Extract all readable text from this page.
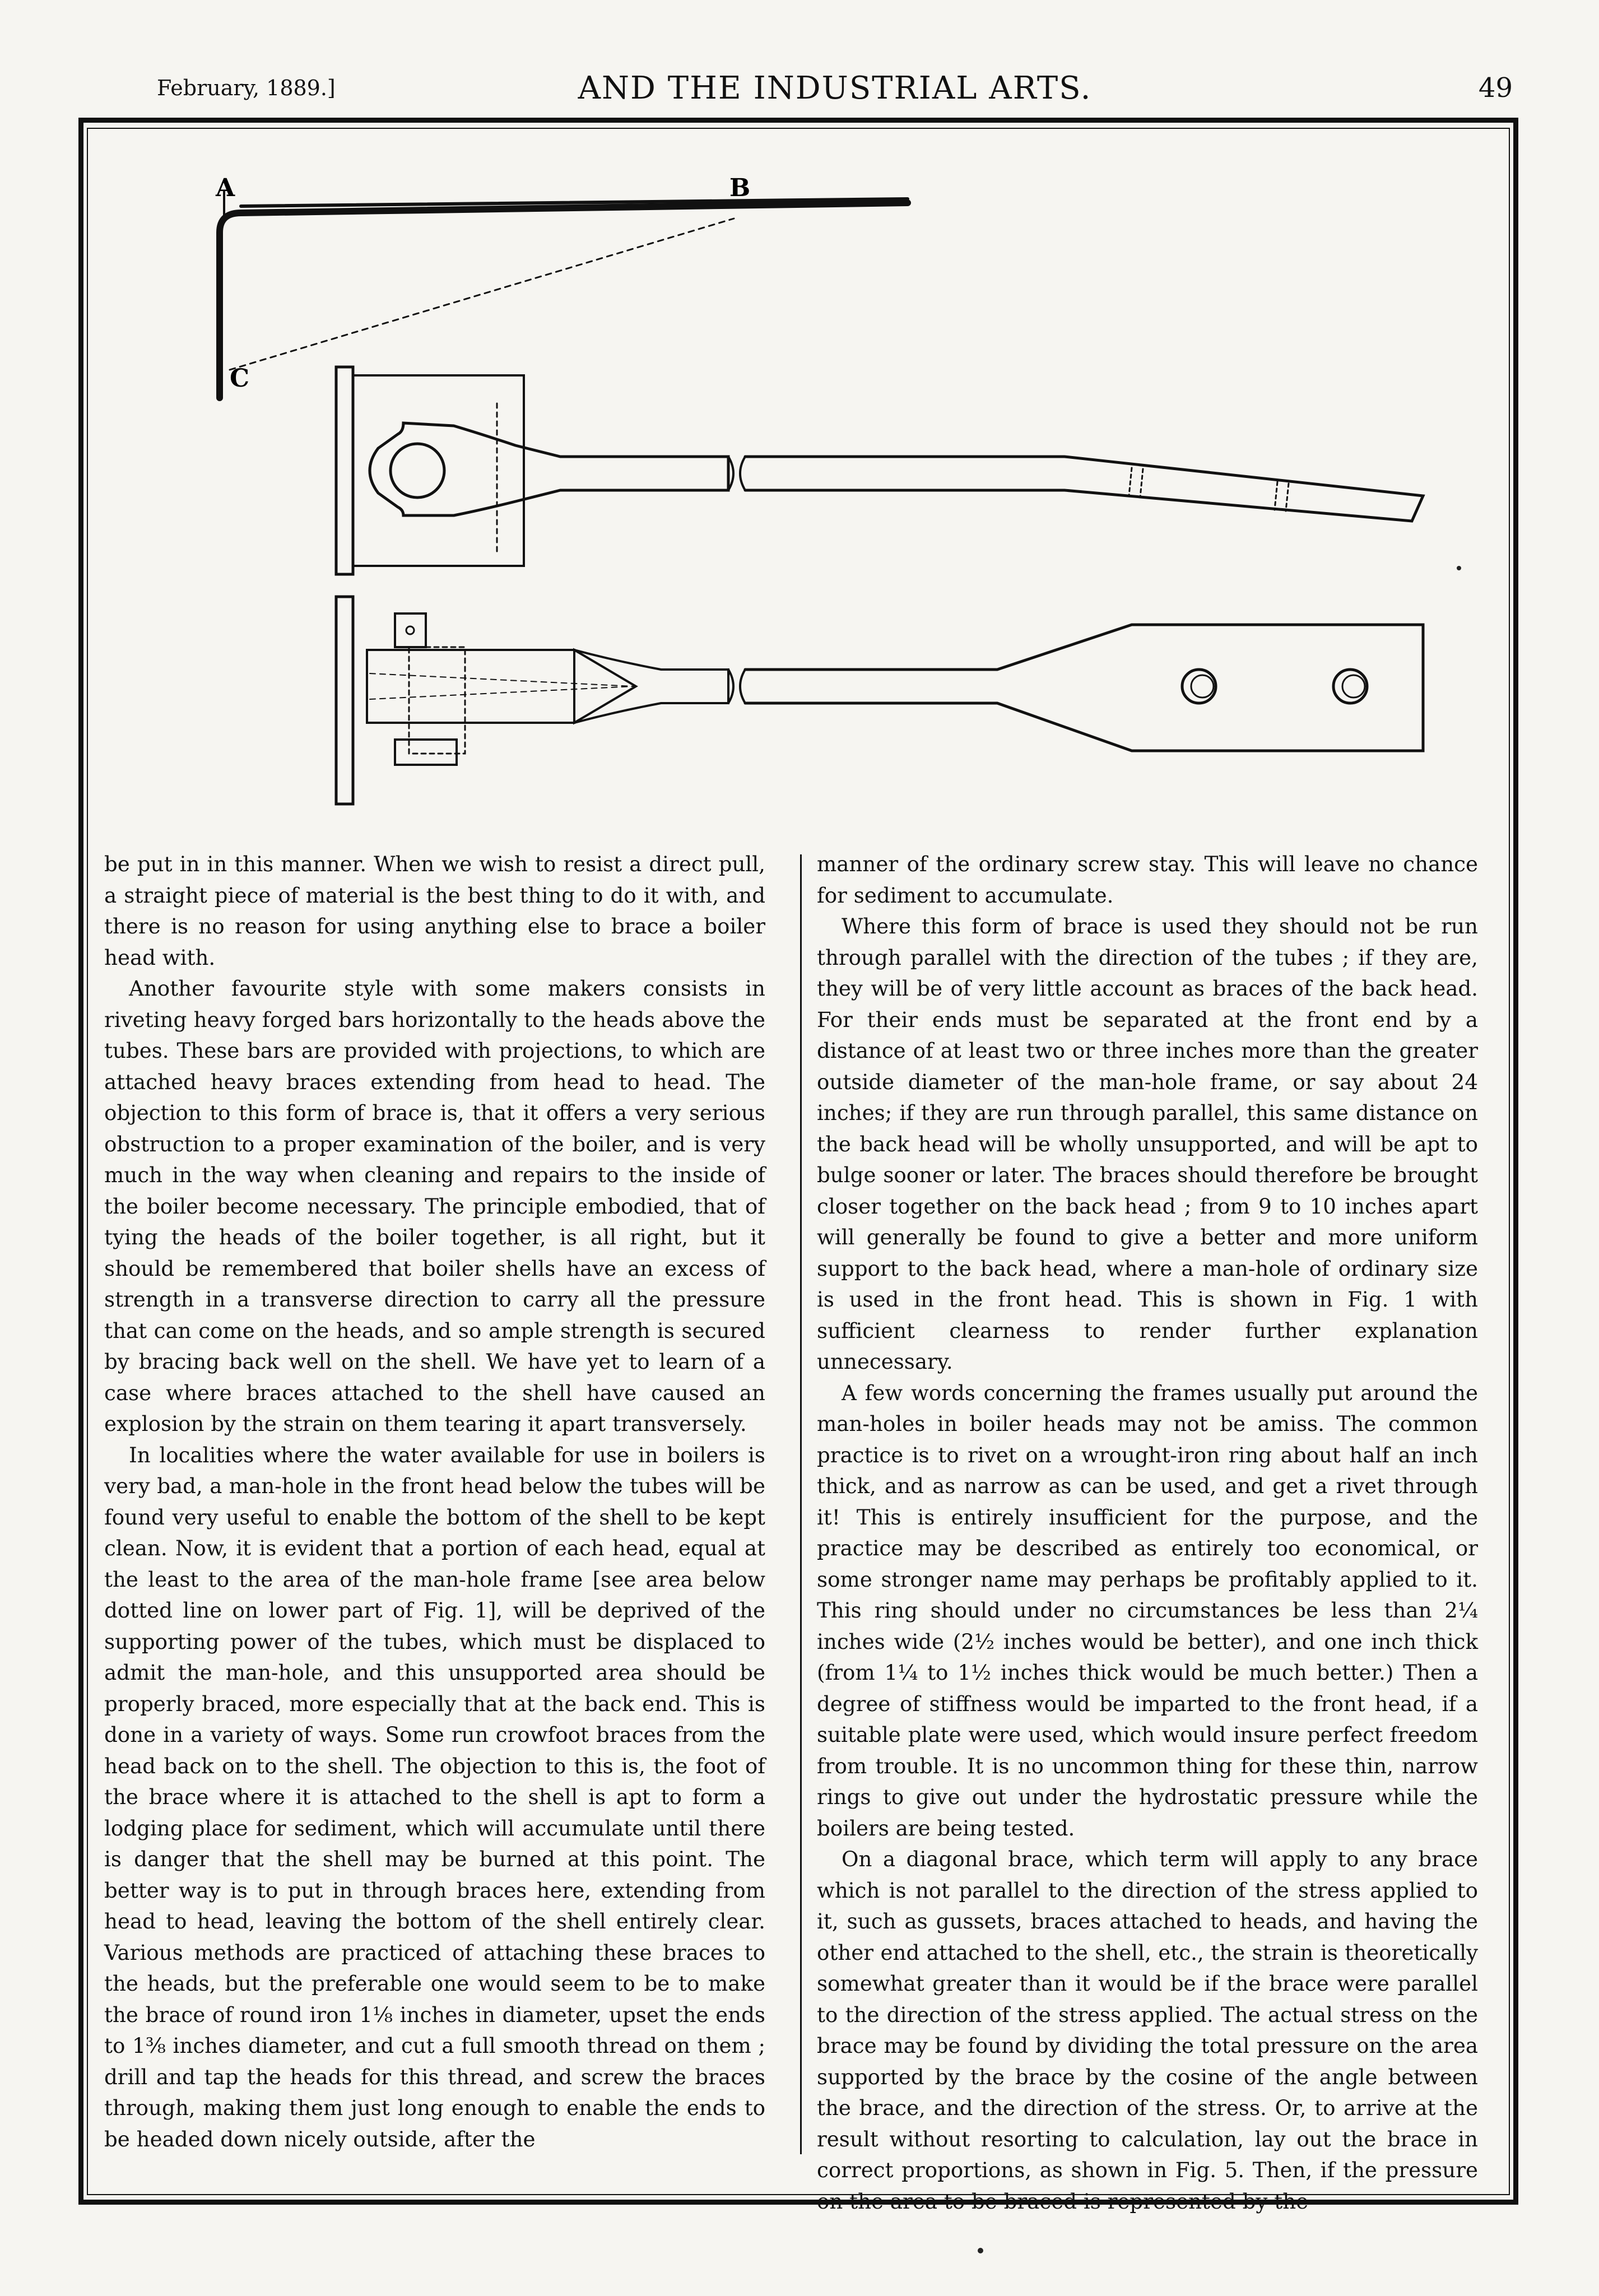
February, 1889.]	AND THE INDUSTRIAL ARTS.	49
A	B
C

be put in in this manner. When we wish to resist a direct pull, a straight piece of material is the best thing to do it with, and there is no reason for using anything else to brace a boiler head with.

Another favourite style with some makers consists in riveting heavy forged bars horizontally to the heads above the tubes. These bars are provided with projections, to which are attached heavy braces extending from head to head. The objection to this form of brace is, that it offers a very serious obstruction to a proper examination of the boiler, and is very much in the way when cleaning and repairs to the inside of the boiler become necessary. The principle embodied, that of tying the heads of the boiler together, is all right, but it should be remembered that boiler shells have an excess of strength in a transverse direction to carry all the pressure that can come on the heads, and so ample strength is secured by bracing back well on the shell. We have yet to learn of a case where braces attached to the shell have caused an explosion by the strain on them tearing it apart transversely.

In localities where the water available for use in boilers is very bad, a man-hole in the front head below the tubes will be found very useful to enable the bottom of the shell to be kept clean. Now, it is evident that a portion of each head, equal at the least to the area of the man-hole frame [see area below dotted line on lower part of Fig. 1], will be deprived of the supporting power of the tubes, which must be displaced to admit the man-hole, and this unsupported area should be properly braced, more especially that at the back end. This is done in a variety of ways. Some run crowfoot braces from the head back on to the shell. The objection to this is, the foot of the brace where it is attached to the shell is apt to form a lodging place for sediment, which will accumulate until there is danger that the shell may be burned at this point. The better way is to put in through braces here, extending from head to head, leaving the bottom of the shell entirely clear. Various methods are practiced of attaching these braces to the heads, but the preferable one would seem to be to make the brace of round iron 1⅛ inches in diameter, upset the ends to 1⅜ inches diameter, and cut a full smooth thread on them ; drill and tap the heads for this thread, and screw the braces through, making them just long enough to enable the ends to be headed down nicely outside, after the

manner of the ordinary screw stay. This will leave no chance for sediment to accumulate.

Where this form of brace is used they should not be run through parallel with the direction of the tubes ; if they are, they will be of very little account as braces of the back head. For their ends must be separated at the front end by a distance of at least two or three inches more than the greater outside diameter of the man-hole frame, or say about 24 inches; if they are run through parallel, this same distance on the back head will be wholly unsupported, and will be apt to bulge sooner or later. The braces should therefore be brought closer together on the back head ; from 9 to 10 inches apart will generally be found to give a better and more uniform support to the back head, where a man-hole of ordinary size is used in the front head. This is shown in Fig. 1 with sufficient clearness to render further explanation unnecessary.

A few words concerning the frames usually put around the man-holes in boiler heads may not be amiss. The common practice is to rivet on a wrought-iron ring about half an inch thick, and as narrow as can be used, and get a rivet through it! This is entirely insufficient for the purpose, and the practice may be described as entirely too economical, or some stronger name may perhaps be profitably applied to it. This ring should under no circumstances be less than 2¼ inches wide (2½ inches would be better), and one inch thick (from 1¼ to 1½ inches thick would be much better.) Then a degree of stiffness would be imparted to the front head, if a suitable plate were used, which would insure perfect freedom from trouble. It is no uncommon thing for these thin, narrow rings to give out under the hydrostatic pressure while the boilers are being tested.

On a diagonal brace, which term will apply to any brace which is not parallel to the direction of the stress applied to it, such as gussets, braces attached to heads, and having the other end attached to the shell, etc., the strain is theoretically somewhat greater than it would be if the brace were parallel to the direction of the stress applied. The actual stress on the brace may be found by dividing the total pressure on the area supported by the brace by the cosine of the angle between the brace, and the direction of the stress. Or, to arrive at the result without resorting to calculation, lay out the brace in correct proportions, as shown in Fig. 5. Then, if the pressure on the area to be braced is represented by the
